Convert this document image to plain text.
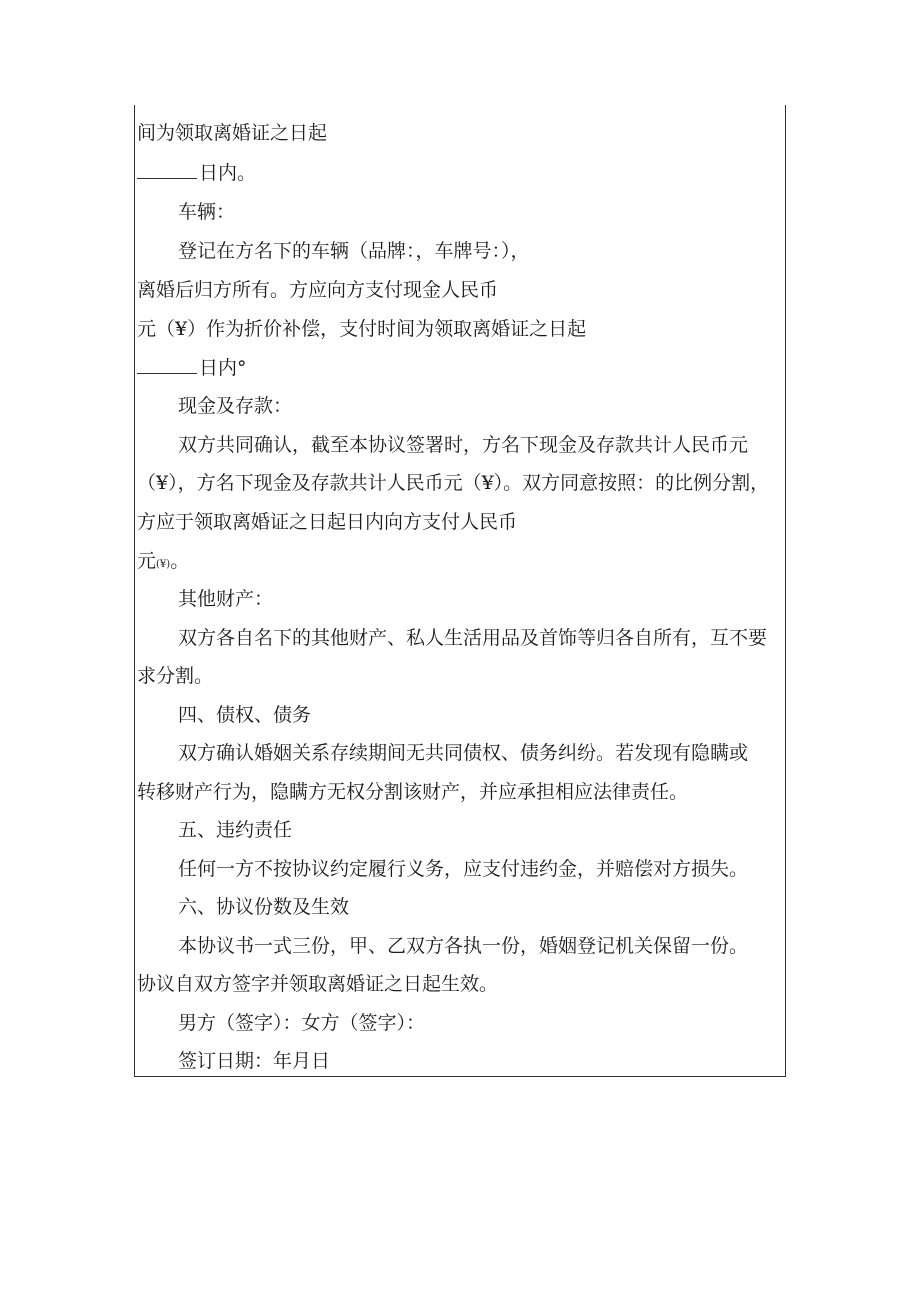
间为领取离婚证之日起
日内。
车辆：
登记在方名下的车辆（品牌：，车牌号：），
离婚后归方所有。方应向方支付现金人民币
元（¥）作为折价补偿，支付时间为领取离婚证之日起
日内°
现金及存款：
双方共同确认，截至本协议签署时，方名下现金及存款共计人民币元
（¥），方名下现金及存款共计人民币元（¥）。双方同意按照：的比例分割，
方应于领取离婚证之日起日内向方支付人民币
元(¥)。
其他财产：
双方各自名下的其他财产、私人生活用品及首饰等归各自所有，互不要
求分割。
四、债权、债务
双方确认婚姻关系存续期间无共同债权、债务纠纷。若发现有隐瞒或
转移财产行为，隐瞒方无权分割该财产，并应承担相应法律责任。
五、违约责任
任何一方不按协议约定履行义务，应支付违约金，并赔偿对方损失。
六、协议份数及生效
本协议书一式三份，甲、乙双方各执一份，婚姻登记机关保留一份。
协议自双方签字并领取离婚证之日起生效。
男方（签字）：女方（签字）：
签订日期：年月日
